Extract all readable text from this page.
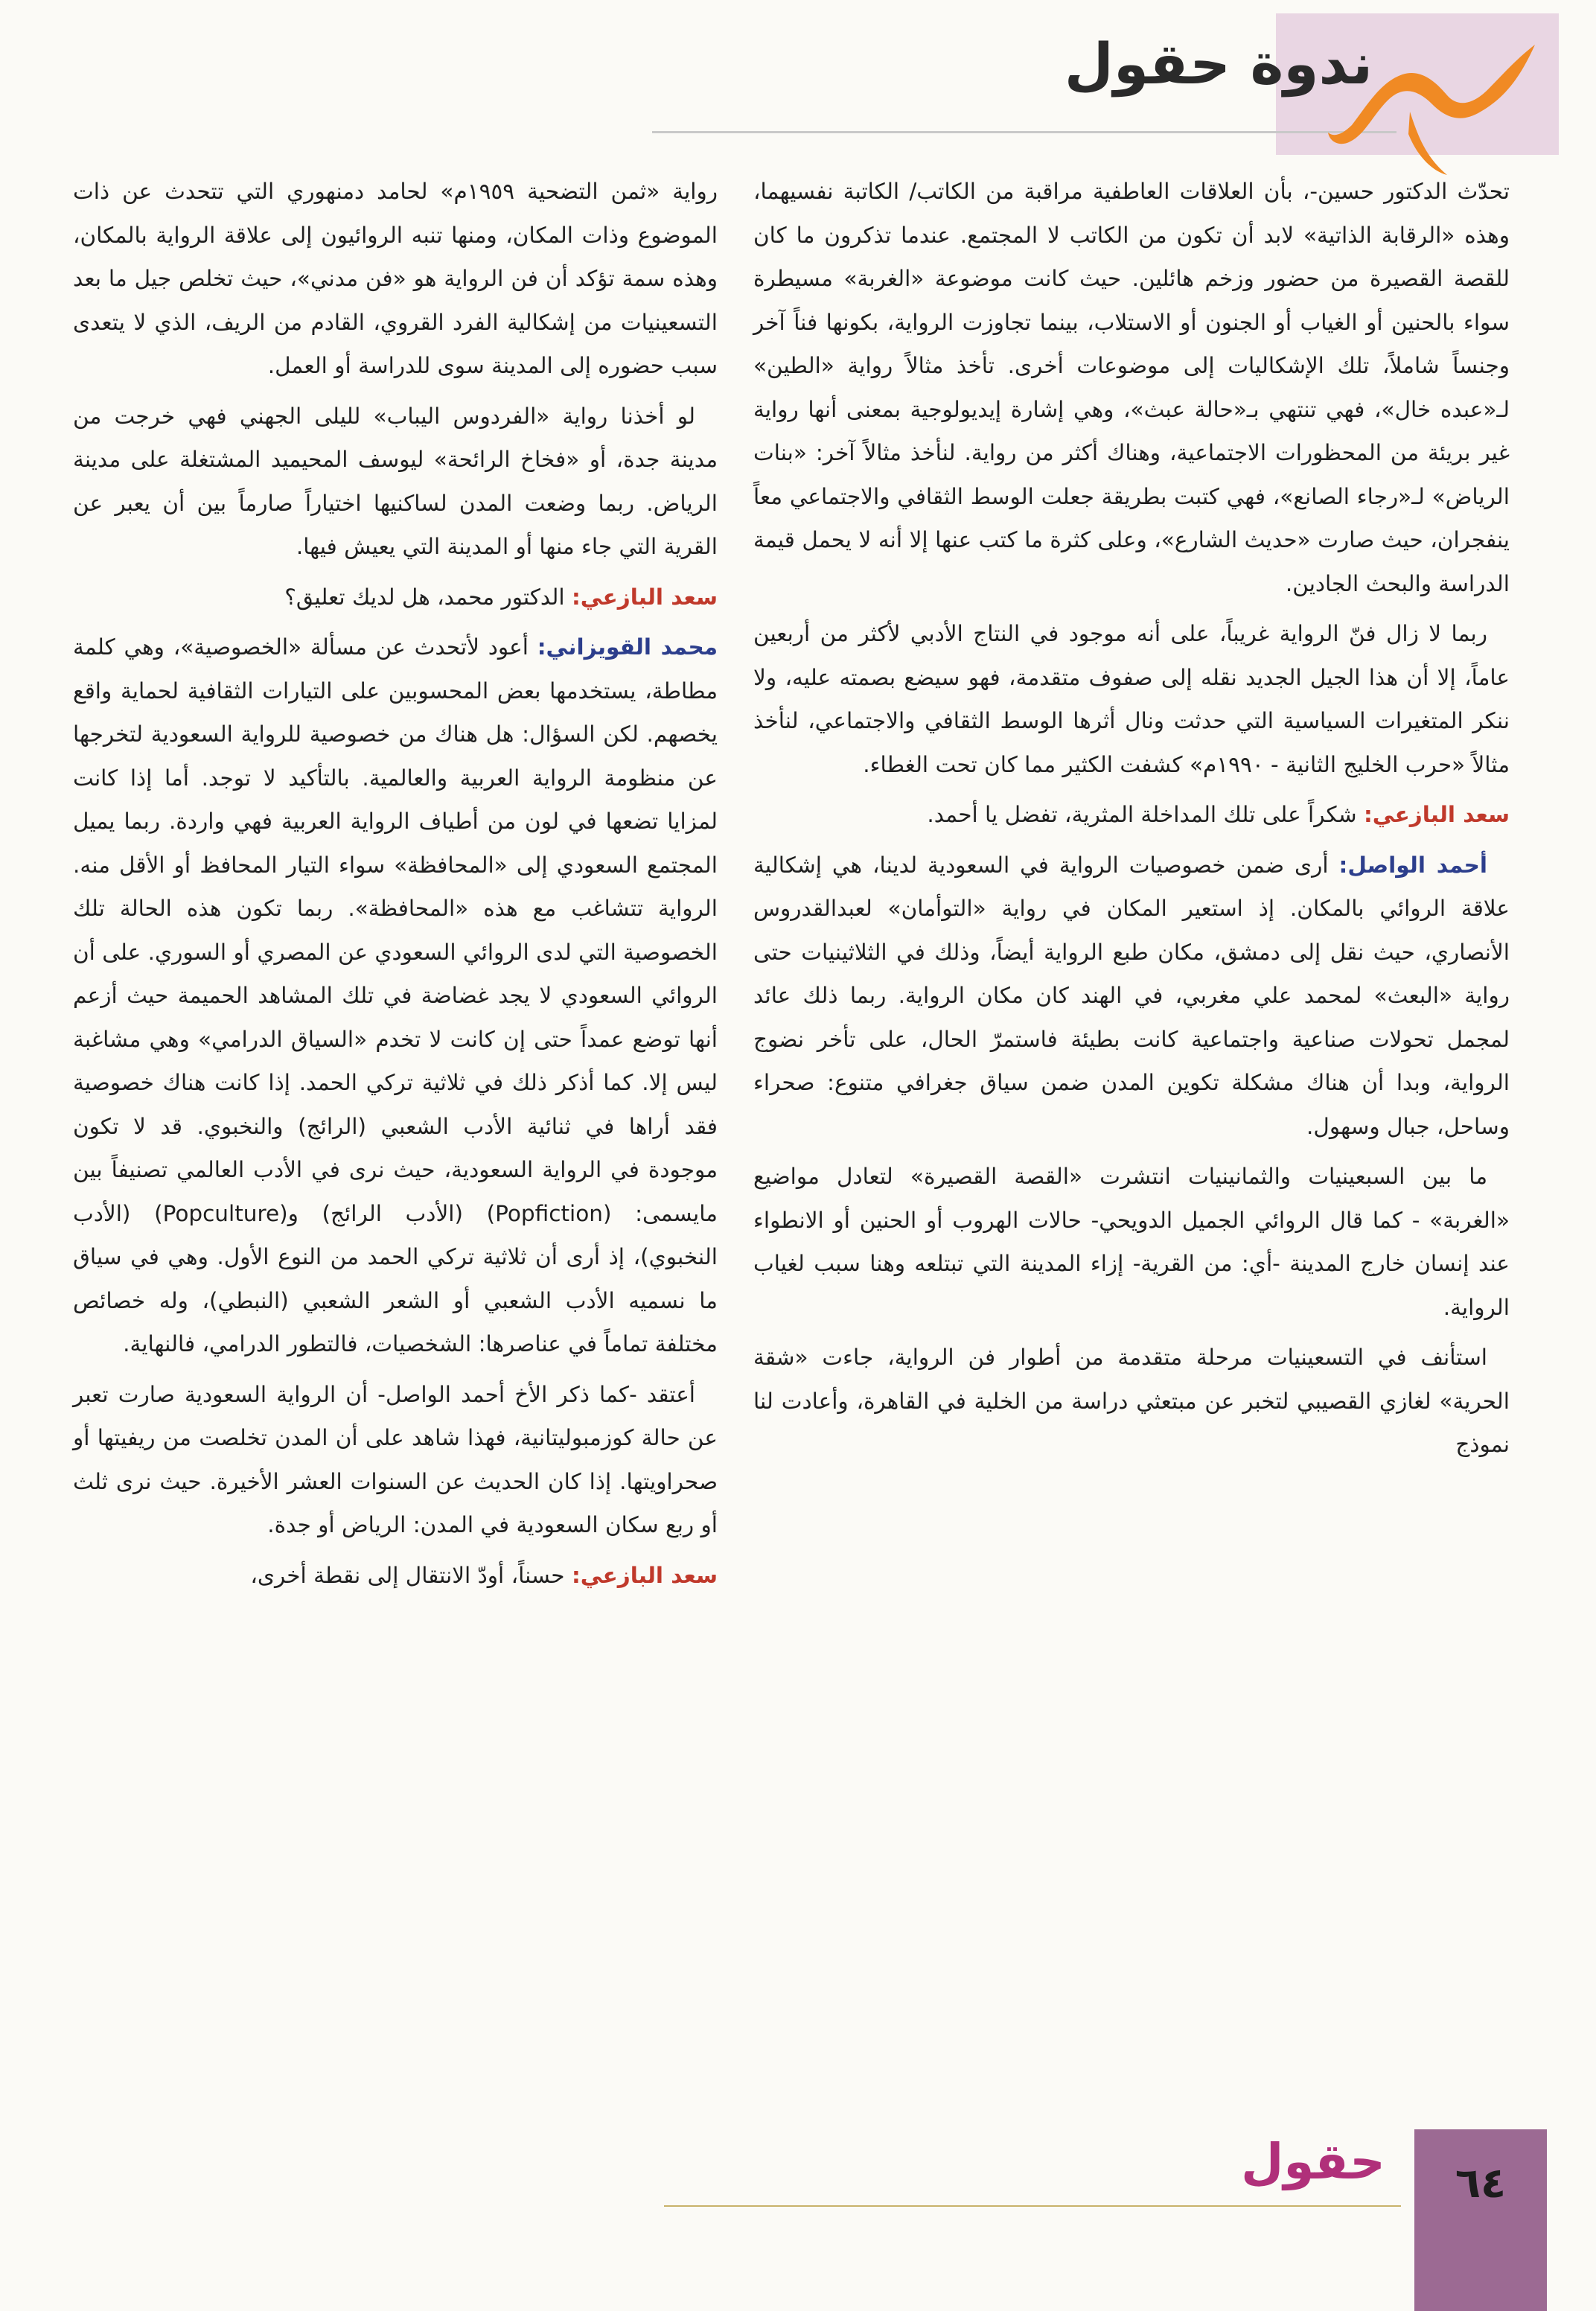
ندوة حقول

تحدّث الدكتور حسين-، بأن العلاقات العاطفية مراقبة من الكاتب/ الكاتبة نفسيهما، وهذه «الرقابة الذاتية» لابد أن تكون من الكاتب لا المجتمع. عندما تذكرون ما كان للقصة القصيرة من حضور وزخم هائلين. حيث كانت موضوعة «الغربة» مسيطرة سواء بالحنين أو الغياب أو الجنون أو الاستلاب، بينما تجاوزت الرواية، بكونها فناً آخر وجنساً شاملاً، تلك الإشكاليات إلى موضوعات أخرى. تأخذ مثالاً رواية «الطين» لـ«عبده خال»، فهي تنتهي بـ«حالة عبث»، وهي إشارة إيديولوجية بمعنى أنها رواية غير بريئة من المحظورات الاجتماعية، وهناك أكثر من رواية. لنأخذ مثالاً آخر: «بنات الرياض» لـ«رجاء الصانع»، فهي كتبت بطريقة جعلت الوسط الثقافي والاجتماعي معاً ينفجران، حيث صارت «حديث الشارع»، وعلى كثرة ما كتب عنها إلا أنه لا يحمل قيمة الدراسة والبحث الجادين.

ربما لا زال فنّ الرواية غريباً، على أنه موجود في النتاج الأدبي لأكثر من أربعين عاماً، إلا أن هذا الجيل الجديد نقله إلى صفوف متقدمة، فهو سيضع بصمته عليه، ولا ننكر المتغيرات السياسية التي حدثت ونال أثرها الوسط الثقافي والاجتماعي، لنأخذ مثالاً «حرب الخليج الثانية - ١٩٩٠م» كشفت الكثير مما كان تحت الغطاء.

سعد البازعي: شكراً على تلك المداخلة المثرية، تفضل يا أحمد.

أحمد الواصل: أرى ضمن خصوصيات الرواية في السعودية لدينا، هي إشكالية علاقة الروائي بالمكان. إذ استعير المكان في رواية «التوأمان» لعبدالقدروس الأنصاري، حيث نقل إلى دمشق، مكان طبع الرواية أيضاً، وذلك في الثلاثينيات حتى رواية «البعث» لمحمد علي مغربي، في الهند كان مكان الرواية. ربما ذلك عائد لمجمل تحولات صناعية واجتماعية كانت بطيئة فاستمرّ الحال، على تأخر نضوج الرواية، وبدا أن هناك مشكلة تكوين المدن ضمن سياق جغرافي متنوع: صحراء وساحل، جبال وسهول.

ما بين السبعينيات والثمانينيات انتشرت «القصة القصيرة» لتعادل مواضيع «الغربة» - كما قال الروائي الجميل الدويحي- حالات الهروب أو الحنين أو الانطواء عند إنسان خارج المدينة -أي: من القرية- إزاء المدينة التي تبتلعه وهنا سبب لغياب الرواية.

استأنف في التسعينيات مرحلة متقدمة من أطوار فن الرواية، جاءت «شقة الحرية» لغازي القصيبي لتخبر عن مبتعثي دراسة من الخلية في القاهرة، وأعادت لنا نموذج

رواية «ثمن التضحية ١٩٥٩م» لحامد دمنهوري التي تتحدث عن ذات الموضوع وذات المكان، ومنها تنبه الروائيون إلى علاقة الرواية بالمكان، وهذه سمة تؤكد أن فن الرواية هو «فن مدني»، حيث تخلص جيل ما بعد التسعينيات من إشكالية الفرد القروي، القادم من الريف، الذي لا يتعدى سبب حضوره إلى المدينة سوى للدراسة أو العمل.

لو أخذنا رواية «الفردوس اليباب» لليلى الجهني فهي خرجت من مدينة جدة، أو «فخاخ الرائحة» ليوسف المحيميد المشتغلة على مدينة الرياض. ربما وضعت المدن لساكنيها اختياراً صارماً بين أن يعبر عن القرية التي جاء منها أو المدينة التي يعيش فيها.

سعد البازعي: الدكتور محمد، هل لديك تعليق؟

محمد القويزاني: أعود لأتحدث عن مسألة «الخصوصية»، وهي كلمة مطاطة، يستخدمها بعض المحسوبين على التيارات الثقافية لحماية واقع يخصهم. لكن السؤال: هل هناك من خصوصية للرواية السعودية لتخرجها عن منظومة الرواية العربية والعالمية. بالتأكيد لا توجد. أما إذا كانت لمزايا تضعها في لون من أطياف الرواية العربية فهي واردة. ربما يميل المجتمع السعودي إلى «المحافظة» سواء التيار المحافظ أو الأقل منه. الرواية تتشاغب مع هذه «المحافظة». ربما تكون هذه الحالة تلك الخصوصية التي لدى الروائي السعودي عن المصري أو السوري. على أن الروائي السعودي لا يجد غضاضة في تلك المشاهد الحميمة حيث أزعم أنها توضع عمداً حتى إن كانت لا تخدم «السياق الدرامي» وهي مشاغبة ليس إلا. كما أذكر ذلك في ثلاثية تركي الحمد. إذا كانت هناك خصوصية فقد أراها في ثنائية الأدب الشعبي (الرائج) والنخبوي. قد لا تكون موجودة في الرواية السعودية، حيث نرى في الأدب العالمي تصنيفاً بين مايسمى: (Popfiction) (الأدب الرائج) و(Popculture) (الأدب النخبوي)، إذ أرى أن ثلاثية تركي الحمد من النوع الأول. وهي في سياق ما نسميه الأدب الشعبي أو الشعر الشعبي (النبطي)، وله خصائص مختلفة تماماً في عناصرها: الشخصيات، فالتطور الدرامي، فالنهاية.

أعتقد -كما ذكر الأخ أحمد الواصل- أن الرواية السعودية صارت تعبر عن حالة كوزمبوليتانية، فهذا شاهد على أن المدن تخلصت من ريفيتها أو صحراويتها. إذا كان الحديث عن السنوات العشر الأخيرة. حيث نرى ثلث أو ربع سكان السعودية في المدن: الرياض أو جدة.

سعد البازعي: حسناً، أودّ الانتقال إلى نقطة أخرى،

٦٤
حقول
